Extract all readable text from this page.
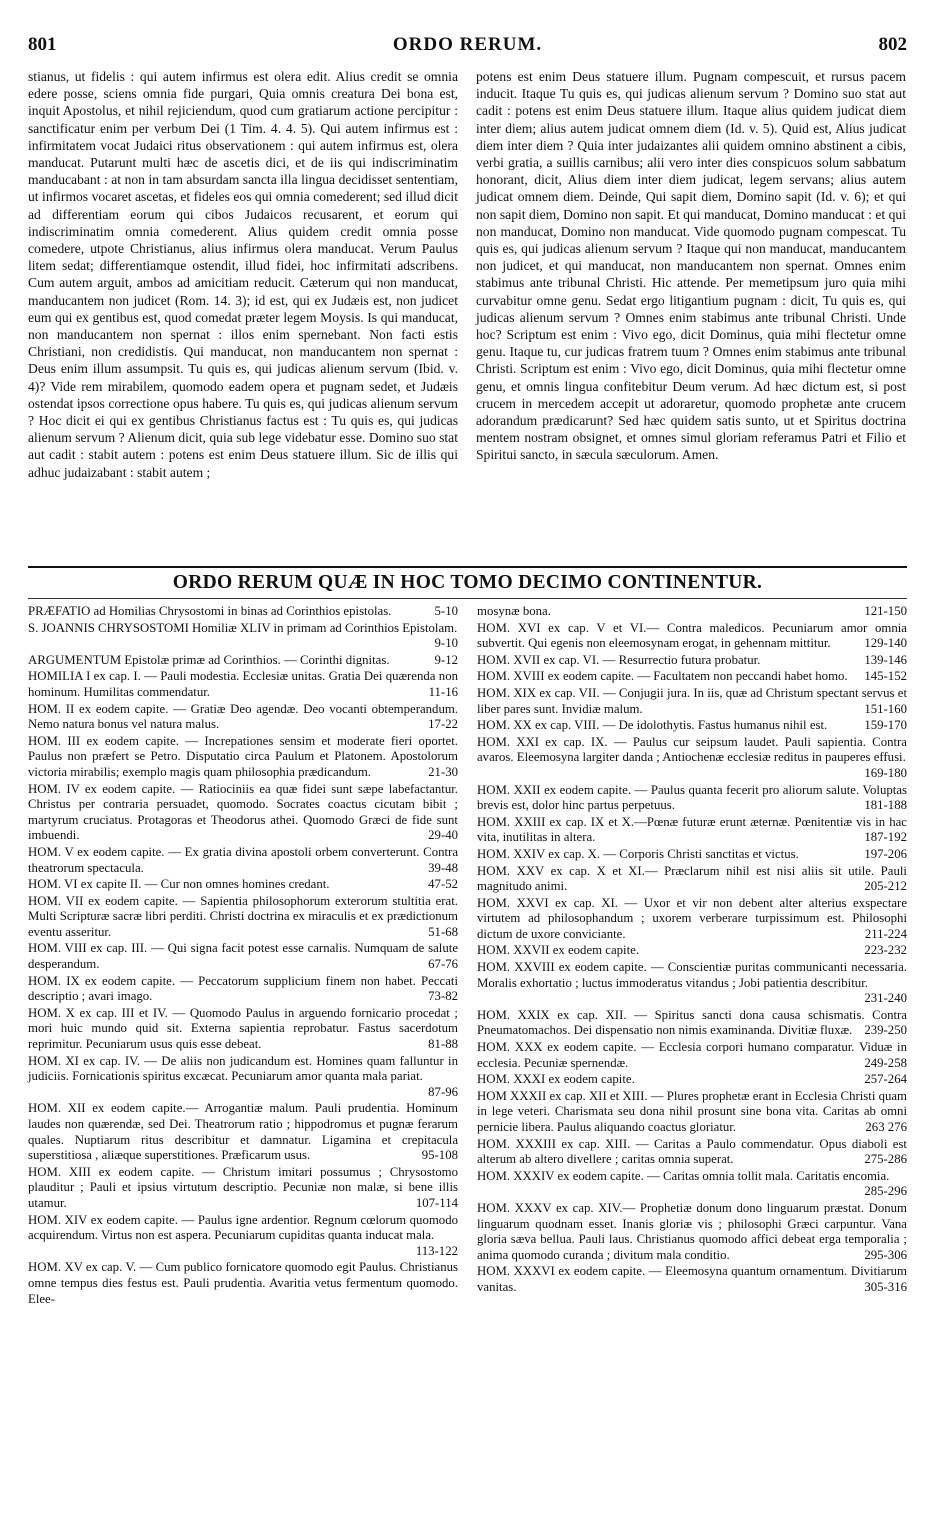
801	ORDO RERUM.	802

stianus, ut fidelis : qui autem infirmus est olera edit. Alius credit se omnia edere posse, sciens omnia fide purgari, Quia omnis creatura Dei bona est, inquit Apostolus, et nihil rejiciendum, quod cum gratiarum actione percipitur : sanctificatur enim per verbum Dei (1 Tim. 4. 4. 5). Qui autem infirmus est : infirmitatem vocat Judaici ritus observationem : qui autem infirmus est, olera manducat. Putarunt multi hæc de ascetis dici, et de iis qui indiscriminatim manducabant : at non in tam absurdam sancta illa lingua decidisset sententiam, ut infirmos vocaret ascetas, et fideles eos qui omnia comederent; sed illud dicit ad differentiam eorum qui cibos Judaicos recusarent, et eorum qui indiscriminatim omnia comederent. Alius quidem credit omnia posse comedere, utpote Christianus, alius infirmus olera manducat. Verum Paulus litem sedat; differentiamque ostendit, illud fidei, hoc infirmitati adscribens. Cum autem arguit, ambos ad amicitiam reducit. Cæterum qui non manducat, manducantem non judicet (Rom. 14. 3); id est, qui ex Judæis est, non judicet eum qui ex gentibus est, quod comedat præter legem Moysis. Is qui manducat, non manducantem non spernat : illos enim spernebant. Non facti estis Christiani, non credidistis. Qui manducat, non manducantem non spernat : Deus enim illum assumpsit. Tu quis es, qui judicas alienum servum (Ibid. v. 4)? Vide rem mirabilem, quomodo eadem opera et pugnam sedet, et Judæis ostendat ipsos correctione opus habere. Tu quis es, qui judicas alienum servum ? Hoc dicit ei qui ex gentibus Christianus factus est : Tu quis es, qui judicas alienum servum ? Alienum dicit, quia sub lege videbatur esse. Domino suo stat aut cadit : stabit autem : potens est enim Deus statuere illum. Sic de illis qui adhuc judaizabant : stabit autem ;

potens est enim Deus statuere illum. Pugnam compescuit, et rursus pacem inducit. Itaque Tu quis es, qui judicas alienum servum ? Domino suo stat aut cadit : potens est enim Deus statuere illum. Itaque alius quidem judicat diem inter diem; alius autem judicat omnem diem (Id. v. 5). Quid est, Alius judicat diem inter diem ? Quia inter judaizantes alii quidem omnino abstinent a cibis, verbi gratia, a suillis carnibus; alii vero inter dies conspicuos solum sabbatum honorant, dicit, Alius diem inter diem judicat, legem servans; alius autem judicat omnem diem. Deinde, Qui sapit diem, Domino sapit (Id. v. 6); et qui non sapit diem, Domino non sapit. Et qui manducat, Domino manducat : et qui non manducat, Domino non manducat. Vide quomodo pugnam compescat. Tu quis es, qui judicas alienum servum ? Itaque qui non manducat, manducantem non judicet, et qui manducat, non manducantem non spernat. Omnes enim stabimus ante tribunal Christi. Hic attende. Per memetipsum juro quia mihi curvabitur omne genu. Sedat ergo litigantium pugnam : dicit, Tu quis es, qui judicas alienum servum ? Omnes enim stabimus ante tribunal Christi. Unde hoc? Scriptum est enim : Vivo ego, dicit Dominus, quia mihi flectetur omne genu. Itaque tu, cur judicas fratrem tuum ? Omnes enim stabimus ante tribunal Christi. Scriptum est enim : Vivo ego, dicit Dominus, quia mihi flectetur omne genu, et omnis lingua confitebitur Deum verum. Ad hæc dictum est, si post crucem in mercedem accepit ut adoraretur, quomodo prophetæ ante crucem adorandum prædicarunt? Sed hæc quidem satis sunto, ut et Spiritus doctrina mentem nostram obsignet, et omnes simul gloriam referamus Patri et Filio et Spiritui sancto, in sæcula sæculorum. Amen.

ORDO RERUM QUÆ IN HOC TOMO DECIMO CONTINENTUR.
PRÆFATIO ad Homilias Chrysostomi in binas ad Corinthios epistolas.	5-10
S. JOANNIS CHRYSOSTOMI Homiliæ XLIV in primam ad Corinthios Epistolam.
9-10
ARGUMENTUM Epistolæ primæ ad Corinthios. — Corinthi dignitas.	9-12
HOMILIA I ex cap. I. — Pauli modestia. Ecclesiæ unitas. Gratia Dei quærenda non hominum. Humilitas commendatur.	11-16
HOM. II ex eodem capite. — Gratiæ Deo agendæ. Deo vocanti obtemperandum. Nemo natura bonus vel natura malus.	17-22
HOM. III ex eodem capite. — Increpationes sensim et moderate fieri oportet. Paulus non præfert se Petro. Disputatio circa Paulum et Platonem. Apostolorum victoria mirabilis; exemplo magis quam philosophia prædicandum.	21-30
HOM. IV ex eodem capite. — Ratiociniis ea quæ fidei sunt sæpe labefactantur. Christus per contraria persuadet, quomodo. Socrates coactus cicutam bibit ; martyrum cruciatus. Protagoras et Theodorus athei. Quomodo Græci de fide sunt imbuendi.	29-40
HOM. V ex eodem capite. — Ex gratia divina apostoli orbem converterunt. Contra theatrorum spectacula.	39-48
HOM. VI ex capite II. — Cur non omnes homines credant.	47-52
HOM. VII ex eodem capite. — Sapientia philosophorum exterorum stultitia erat. Multi Scripturæ sacræ libri perditi. Christi doctrina ex miraculis et ex prædictionum eventu asseritur.	51-68
HOM. VIII ex cap. III. — Qui signa facit potest esse carnalis. Numquam de salute desperandum.	67-76
HOM. IX ex eodem capite. — Peccatorum supplicium finem non habet. Peccati descriptio ; avari imago.	73-82
HOM. X ex cap. III et IV. — Quomodo Paulus in arguendo fornicario procedat ; mori huic mundo quid sit. Externa sapientia reprobatur. Fastus sacerdotum reprimitur. Pecuniarum usus quis esse debeat.	81-88
HOM. XI ex cap. IV. — De aliis non judicandum est. Homines quam falluntur in judiciis. Fornicationis spiritus excæcat. Pecuniarum amor quanta mala pariat.
87-96
HOM. XII ex eodem capite.— Arrogantiæ malum. Pauli prudentia. Hominum laudes non quærendæ, sed Dei. Theatrorum ratio ; hippodromus et pugnæ ferarum quales. Nuptiarum ritus describitur et damnatur. Ligamina et crepitacula superstitiosa , aliæque superstitiones. Præficarum usus.	95-108
HOM. XIII ex eodem capite. — Christum imitari possumus ; Chrysostomo plauditur ; Pauli et ipsius virtutum descriptio. Pecuniæ non malæ, si bene illis utamur.	107-114
HOM. XIV ex eodem capite. — Paulus igne ardentior. Regnum cœlorum quomodo acquirendum. Virtus non est aspera. Pecuniarum cupiditas quanta inducat mala.
113-122
HOM. XV ex cap. V. — Cum publico fornicatore quomodo egit Paulus. Christianus omne tempus dies festus est. Pauli prudentia. Avaritia vetus fermentum quomodo. Elee-
mosynæ bona.	121-150
HOM. XVI ex cap. V et VI.— Contra maledicos. Pecuniarum amor omnia subvertit. Qui egenis non eleemosynam erogat, in gehennam mittitur.	129-140
HOM. XVII ex cap. VI. — Resurrectio futura probatur.	139-146
HOM. XVIII ex eodem capite. — Facultatem non peccandi habet homo.	145-152
HOM. XIX ex cap. VII. — Conjugii jura. In iis, quæ ad Christum spectant servus et liber pares sunt. Invidiæ malum.	151-160
HOM. XX ex cap. VIII. — De idolothytis. Fastus humanus nihil est.	159-170
HOM. XXI ex cap. IX. — Paulus cur seipsum laudet. Pauli sapientia. Contra avaros. Eleemosyna largiter danda ; Antiochenæ ecclesiæ reditus in pauperes effusi.
169-180
HOM. XXII ex eodem capite. — Paulus quanta fecerit pro aliorum salute. Voluptas brevis est, dolor hinc partus perpetuus.	181-188
HOM. XXIII ex cap. IX et X.—Pœnæ futuræ erunt æternæ. Pœnitentiæ vis in hac vita, inutilitas in altera.	187-192
HOM. XXIV ex cap. X. — Corporis Christi sanctitas et victus.	197-206
HOM. XXV ex cap. X et XI.— Præclarum nihil est nisi aliis sit utile. Pauli magnitudo animi.	205-212
HOM. XXVI ex cap. XI. — Uxor et vir non debent alter alterius exspectare virtutem ad philosophandum ; uxorem verberare turpissimum est. Philosophi dictum de uxore conviciante.	211-224
HOM. XXVII ex eodem capite.	223-232
HOM. XXVIII ex eodem capite. — Conscientiæ puritas communicanti necessaria. Moralis exhortatio ; luctus immoderatus vitandus ; Jobi patientia describitur.
231-240
HOM. XXIX ex cap. XII. — Spiritus sancti dona causa schismatis. Contra Pneumatomachos. Dei dispensatio non nimis examinanda. Divitiæ fluxæ. 239-250
HOM. XXX ex eodem capite. — Ecclesia corpori humano comparatur. Viduæ in ecclesia. Pecuniæ spernendæ.	249-258
HOM. XXXI ex eodem capite.	257-264
HOM XXXII ex cap. XII et XIII. — Plures prophetæ erant in Ecclesia Christi quam in lege veteri. Charismata seu dona nihil prosunt sine bona vita. Caritas ab omni pernicie libera. Paulus aliquando coactus gloriatur.	263 276
HOM. XXXIII ex cap. XIII. — Caritas a Paulo commendatur. Opus diaboli est alterum ab altero divellere ; caritas omnia superat.	275-286
HOM. XXXIV ex eodem capite. — Caritas omnia tollit mala. Caritatis encomia.
285-296
HOM. XXXV ex cap. XIV.— Prophetiæ donum dono linguarum præstat. Donum linguarum quodnam esset. Inanis gloriæ vis ; philosophi Græci carpuntur. Vana gloria sæva bellua. Pauli laus. Christianus quomodo affici debeat erga temporalia ; anima quomodo curanda ; divitum mala conditio.	295-306
HOM. XXXVI ex eodem capite. — Eleemosyna quantum ornamentum. Divitiarum vanitas.	305-316
